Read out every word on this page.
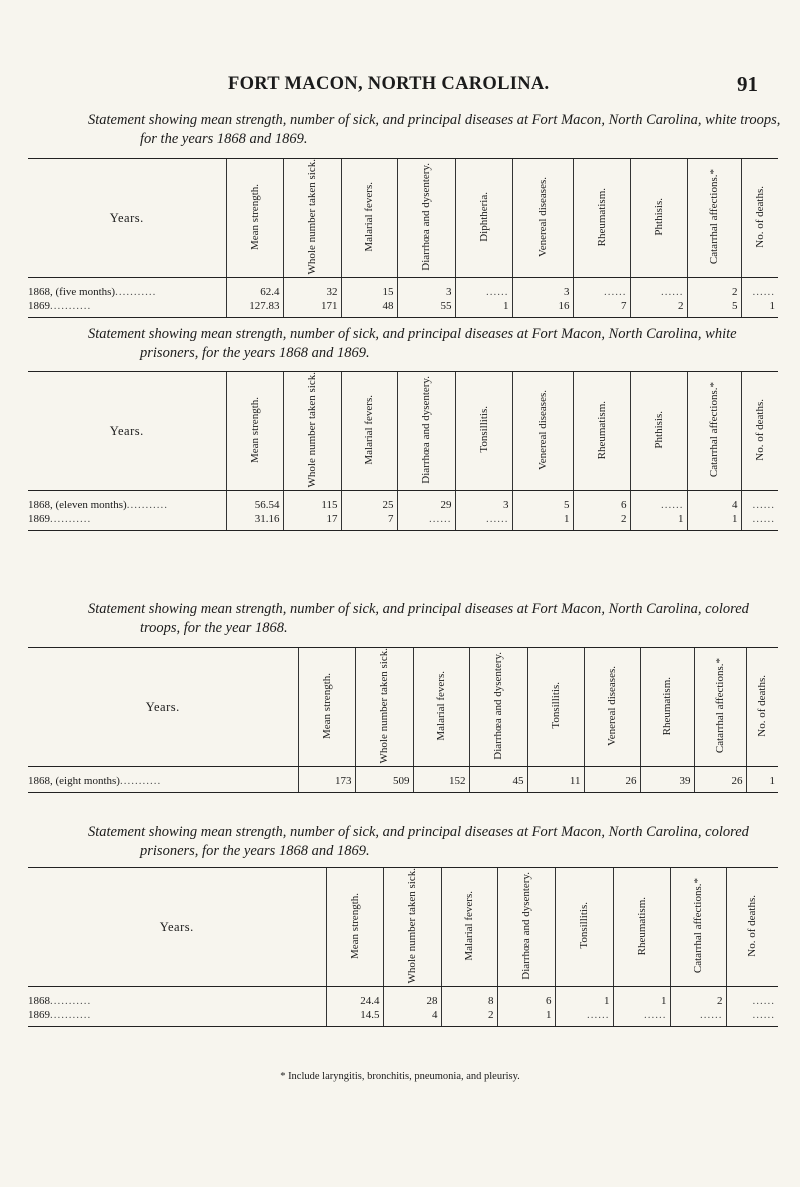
FORT MACON, NORTH CAROLINA.	91
Statement showing mean strength, number of sick, and principal diseases at Fort Macon, North Carolina, white troops, for the years 1868 and 1869.
Years.	Mean strength.	Whole number taken sick.	Malarial fevers.	Diarrhœa and dysentery.	Diphtheria.	Venereal diseases.	Rheumatism.	Phthisis.	Catarrhal affections.*	No. of deaths.
1868, (five months)...........	62.4	32	15	3	......	3	......	......	2	......
1869...........	127.83	171	48	55	1	16	7	2	5	1
Statement showing mean strength, number of sick, and principal diseases at Fort Macon, North Carolina, white prisoners, for the years 1868 and 1869.
Years.	Mean strength.	Whole number taken sick.	Malarial fevers.	Diarrhœa and dysentery.	Tonsillitis.	Venereal diseases.	Rheumatism.	Phthisis.	Catarrhal affections.*	No. of deaths.
1868, (eleven months)...........	56.54	115	25	29	3	5	6	......	4	......
1869...........	31.16	17	7	......	......	1	2	1	1	......
Statement showing mean strength, number of sick, and principal diseases at Fort Macon, North Carolina, colored troops, for the year 1868.
Years.	Mean strength.	Whole number taken sick.	Malarial fevers.	Diarrhœa and dysentery.	Tonsillitis.	Venereal diseases.	Rheumatism.	Catarrhal affections.*	No. of deaths.
1868, (eight months)...........	173	509	152	45	11	26	39	26	1
Statement showing mean strength, number of sick, and principal diseases at Fort Macon, North Carolina, colored prisoners, for the years 1868 and 1869.
Years.	Mean strength.	Whole number taken sick.	Malarial fevers.	Diarrhœa and dysentery.	Tonsillitis.	Rheumatism.	Catarrhal affections.*	No. of deaths.
1868...........	24.4	28	8	6	1	1	2	......
1869...........	14.5	4	2	1	......	......	......	......
* Include laryngitis, bronchitis, pneumonia, and pleurisy.
